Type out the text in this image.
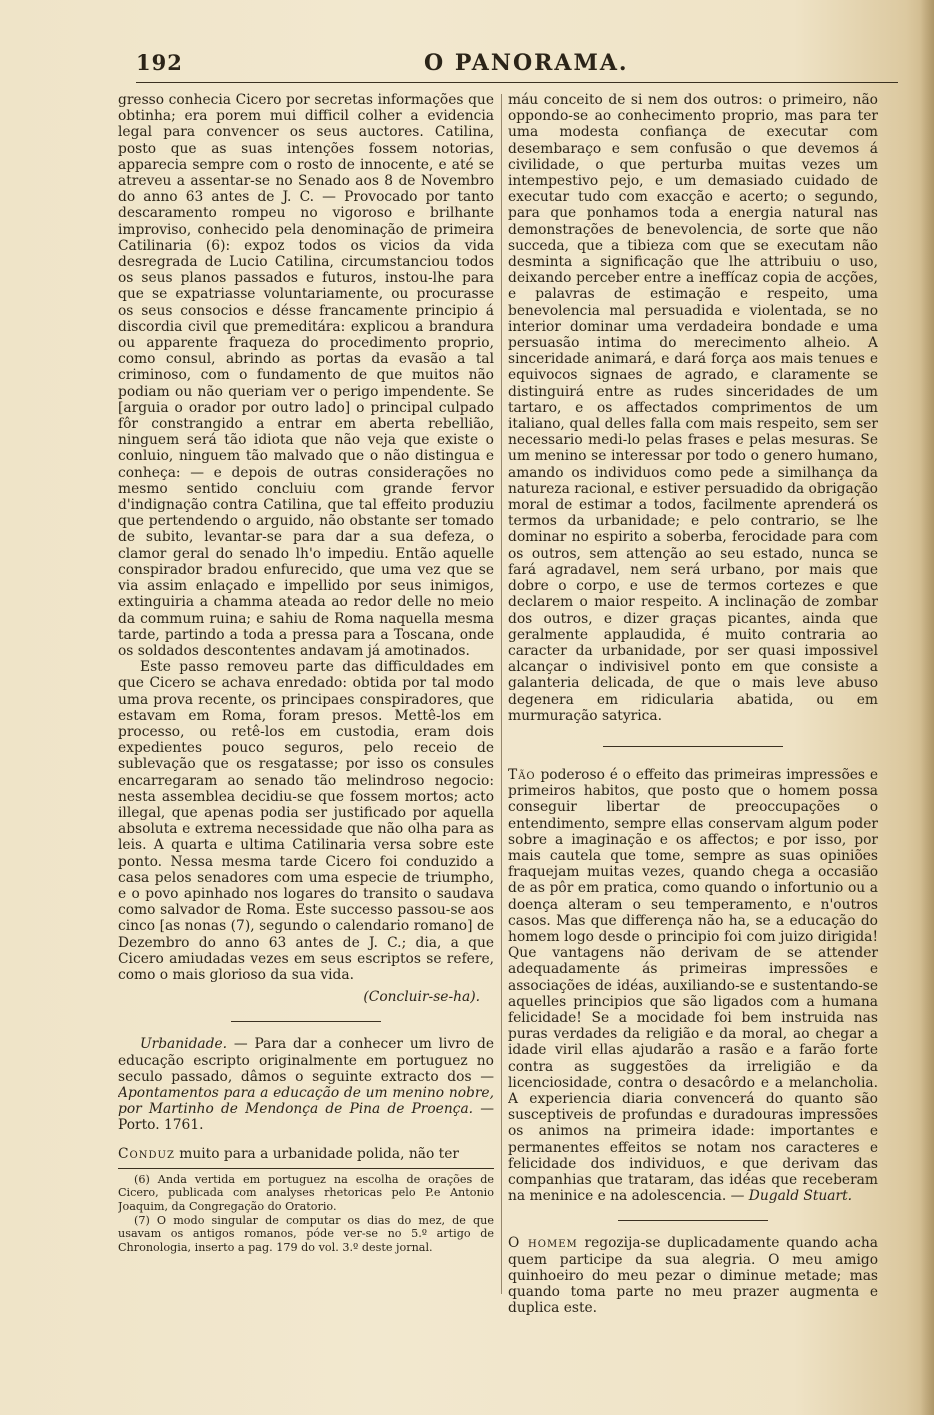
192	O PANORAMA.

gresso conhecia Cicero por secretas informações que obtinha; era porem mui difficil colher a evidencia legal para convencer os seus auctores. Catilina, posto que as suas intenções fossem notorias, apparecia sempre com o rosto de innocente, e até se atreveu a assentar-se no Senado aos 8 de Novembro do anno 63 antes de J. C. — Provocado por tanto descaramento rompeu no vigoroso e brilhante improviso, conhecido pela denominação de primeira Catilinaria (6): expoz todos os vicios da vida desregrada de Lucio Catilina, circumstanciou todos os seus planos passados e futuros, instou-lhe para que se expatriasse voluntariamente, ou procurasse os seus consocios e désse francamente principio á discordia civil que premeditára: explicou a brandura ou apparente fraqueza do procedimento proprio, como consul, abrindo as portas da evasão a tal criminoso, com o fundamento de que muitos não podiam ou não queriam ver o perigo impendente. Se [arguia o orador por outro lado] o principal culpado fôr constrangido a entrar em aberta rebellião, ninguem será tão idiota que não veja que existe o conluio, ninguem tão malvado que o não distingua e conheça: — e depois de outras considerações no mesmo sentido concluiu com grande fervor d'indignação contra Catilina, que tal effeito produziu que pertendendo o arguido, não obstante ser tomado de subito, levantar-se para dar a sua defeza, o clamor geral do senado lh'o impediu. Então aquelle conspirador bradou enfurecido, que uma vez que se via assim enlaçado e impellido por seus inimigos, extinguiria a chamma ateada ao redor delle no meio da commum ruina; e sahiu de Roma naquella mesma tarde, partindo a toda a pressa para a Toscana, onde os soldados descontentes andavam já amotinados.

Este passo removeu parte das difficuldades em que Cicero se achava enredado: obtida por tal modo uma prova recente, os principaes conspiradores, que estavam em Roma, foram presos. Mettê-los em processo, ou retê-los em custodia, eram dois expedientes pouco seguros, pelo receio de sublevação que os resgatasse; por isso os consules encarregaram ao senado tão melindroso negocio: nesta assemblea decidiu-se que fossem mortos; acto illegal, que apenas podia ser justificado por aquella absoluta e extrema necessidade que não olha para as leis. A quarta e ultima Catilinaria versa sobre este ponto. Nessa mesma tarde Cicero foi conduzido a casa pelos senadores com uma especie de triumpho, e o povo apinhado nos logares do transito o saudava como salvador de Roma. Este successo passou-se aos cinco [as nonas (7), segundo o calendario romano] de Dezembro do anno 63 antes de J. C.; dia, a que Cicero amiudadas vezes em seus escriptos se refere, como o mais glorioso da sua vida.

(Concluir-se-ha).

Urbanidade. — Para dar a conhecer um livro de educação escripto originalmente em portuguez no seculo passado, dâmos o seguinte extracto dos — Apontamentos para a educação de um menino nobre, por Martinho de Mendonça de Pina de Proença. — Porto. 1761.

Conduz muito para a urbanidade polida, não ter

(6) Anda vertida em portuguez na escolha de orações de Cicero, publicada com analyses rhetoricas pelo P.e Antonio Joaquim, da Congregação do Oratorio.

(7) O modo singular de computar os dias do mez, de que usavam os antigos romanos, póde ver-se no 5.º artigo de Chronologia, inserto a pag. 179 do vol. 3.º deste jornal.

máu conceito de si nem dos outros: o primeiro, não oppondo-se ao conhecimento proprio, mas para ter uma modesta confiança de executar com desembaraço e sem confusão o que devemos á civilidade, o que perturba muitas vezes um intempestivo pejo, e um demasiado cuidado de executar tudo com exacção e acerto; o segundo, para que ponhamos toda a energia natural nas demonstrações de benevolencia, de sorte que não succeda, que a tibieza com que se executam não desminta a significação que lhe attribuiu o uso, deixando perceber entre a ineffícaz copia de acções, e palavras de estimação e respeito, uma benevolencia mal persuadida e violentada, se no interior dominar uma verdadeira bondade e uma persuasão intima do merecimento alheio. A sinceridade animará, e dará força aos mais tenues e equivocos signaes de agrado, e claramente se distinguirá entre as rudes sinceridades de um tartaro, e os affectados comprimentos de um italiano, qual delles falla com mais respeito, sem ser necessario medi-lo pelas frases e pelas mesuras. Se um menino se interessar por todo o genero humano, amando os individuos como pede a similhança da natureza racional, e estiver persuadido da obrigação moral de estimar a todos, facilmente aprenderá os termos da urbanidade; e pelo contrario, se lhe dominar no espirito a soberba, ferocidade para com os outros, sem attenção ao seu estado, nunca se fará agradavel, nem será urbano, por mais que dobre o corpo, e use de termos cortezes e que declarem o maior respeito. A inclinação de zombar dos outros, e dizer graças picantes, ainda que geralmente applaudida, é muito contraria ao caracter da urbanidade, por ser quasi impossivel alcançar o indivisivel ponto em que consiste a galanteria delicada, de que o mais leve abuso degenera em ridicularia abatida, ou em murmuração satyrica.

Tão poderoso é o effeito das primeiras impressões e primeiros habitos, que posto que o homem possa conseguir libertar de preoccupações o entendimento, sempre ellas conservam algum poder sobre a imaginação e os affectos; e por isso, por mais cautela que tome, sempre as suas opiniões fraquejam muitas vezes, quando chega a occasião de as pôr em pratica, como quando o infortunio ou a doença alteram o seu temperamento, e n'outros casos. Mas que differença não ha, se a educação do homem logo desde o principio foi com juizo dirigida! Que vantagens não derivam de se attender adequadamente ás primeiras impressões e associações de idéas, auxiliando-se e sustentando-se aquelles principios que são ligados com a humana felicidade! Se a mocidade foi bem instruida nas puras verdades da religião e da moral, ao chegar a idade viril ellas ajudarão a rasão e a farão forte contra as suggestões da irreligião e da licenciosidade, contra o desacôrdo e a melancholia. A experiencia diaria convencerá do quanto são susceptiveis de profundas e duradouras impressões os animos na primeira idade: importantes e permanentes effeitos se notam nos caracteres e felicidade dos individuos, e que derivam das companhias que trataram, das idéas que receberam na meninice e na adolescencia. — Dugald Stuart.

O homem regozija-se duplicadamente quando acha quem participe da sua alegria. O meu amigo quinhoeiro do meu pezar o diminue metade; mas quando toma parte no meu prazer augmenta e duplica este.
